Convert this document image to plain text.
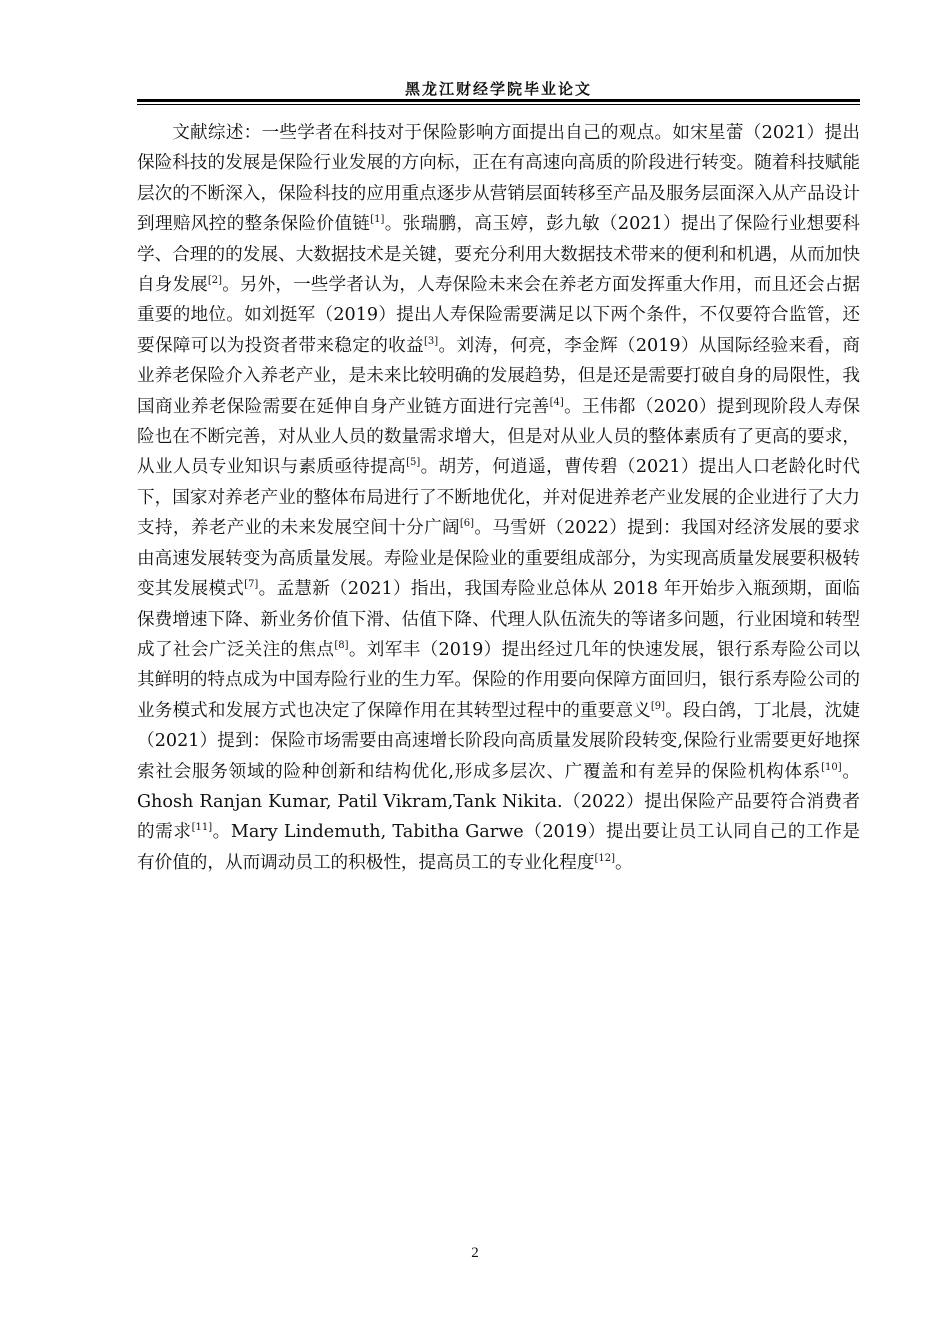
黑龙江财经学院毕业论文

文献综述：一些学者在科技对于保险影响方面提出自己的观点。如宋星蕾（2021）提出保险科技的发展是保险行业发展的方向标，正在有高速向高质的阶段进行转变。随着科技赋能层次的不断深入，保险科技的应用重点逐步从营销层面转移至产品及服务层面深入从产品设计到理赔风控的整条保险价值链[1]。张瑞鹏，高玉婷，彭九敏（2021）提出了保险行业想要科学、合理的的发展、大数据技术是关键，要充分利用大数据技术带来的便利和机遇，从而加快自身发展[2]。另外，一些学者认为，人寿保险未来会在养老方面发挥重大作用，而且还会占据重要的地位。如刘挺军（2019）提出人寿保险需要满足以下两个条件，不仅要符合监管，还要保障可以为投资者带来稳定的收益[3]。刘涛，何亮，李金辉（2019）从国际经验来看，商业养老保险介入养老产业，是未来比较明确的发展趋势，但是还是需要打破自身的局限性，我国商业养老保险需要在延伸自身产业链方面进行完善[4]。王伟都（2020）提到现阶段人寿保险也在不断完善，对从业人员的数量需求增大，但是对从业人员的整体素质有了更高的要求，从业人员专业知识与素质亟待提高[5]。胡芳，何逍遥，曹传碧（2021）提出人口老龄化时代下，国家对养老产业的整体布局进行了不断地优化，并对促进养老产业发展的企业进行了大力支持，养老产业的未来发展空间十分广阔[6]。马雪妍（2022）提到：我国对经济发展的要求由高速发展转变为高质量发展。寿险业是保险业的重要组成部分，为实现高质量发展要积极转变其发展模式[7]。孟慧新（2021）指出，我国寿险业总体从 2018 年开始步入瓶颈期，面临保费增速下降、新业务价值下滑、估值下降、代理人队伍流失的等诸多问题，行业困境和转型成了社会广泛关注的焦点[8]。刘军丰（2019）提出经过几年的快速发展，银行系寿险公司以其鲜明的特点成为中国寿险行业的生力军。保险的作用要向保障方面回归，银行系寿险公司的业务模式和发展方式也决定了保障作用在其转型过程中的重要意义[9]。段白鸽，丁北晨，沈婕（2021）提到：保险市场需要由高速增长阶段向高质量发展阶段转变,保险行业需要更好地探索社会服务领域的险种创新和结构优化,形成多层次、广覆盖和有差异的保险机构体系[10]。Ghosh Ranjan Kumar, Patil Vikram,Tank Nikita.（2022）提出保险产品要符合消费者的需求[11]。Mary Lindemuth, Tabitha Garwe（2019）提出要让员工认同自己的工作是有价值的，从而调动员工的积极性，提高员工的专业化程度[12]。

2
